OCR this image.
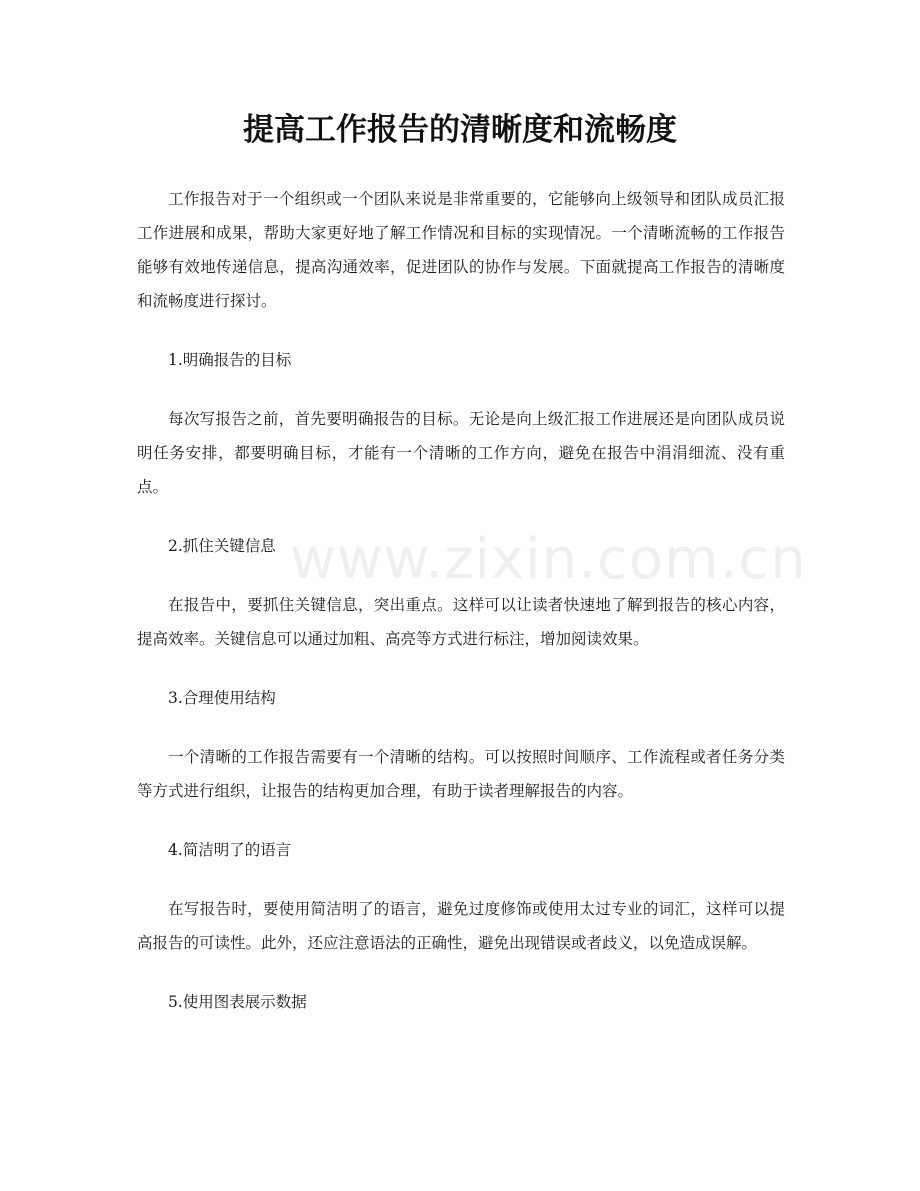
提高工作报告的清晰度和流畅度
www.zixin.com.cn

工作报告对于一个组织或一个团队来说是非常重要的，它能够向上级领导和团队成员汇报工作进展和成果，帮助大家更好地了解工作情况和目标的实现情况。一个清晰流畅的工作报告能够有效地传递信息，提高沟通效率，促进团队的协作与发展。下面就提高工作报告的清晰度和流畅度进行探讨。

1.明确报告的目标

每次写报告之前，首先要明确报告的目标。无论是向上级汇报工作进展还是向团队成员说明任务安排，都要明确目标，才能有一个清晰的工作方向，避免在报告中涓涓细流、没有重点。

2.抓住关键信息

在报告中，要抓住关键信息，突出重点。这样可以让读者快速地了解到报告的核心内容，提高效率。关键信息可以通过加粗、高亮等方式进行标注，增加阅读效果。

3.合理使用结构

一个清晰的工作报告需要有一个清晰的结构。可以按照时间顺序、工作流程或者任务分类等方式进行组织，让报告的结构更加合理，有助于读者理解报告的内容。

4.简洁明了的语言

在写报告时，要使用简洁明了的语言，避免过度修饰或使用太过专业的词汇，这样可以提高报告的可读性。此外，还应注意语法的正确性，避免出现错误或者歧义，以免造成误解。

5.使用图表展示数据
